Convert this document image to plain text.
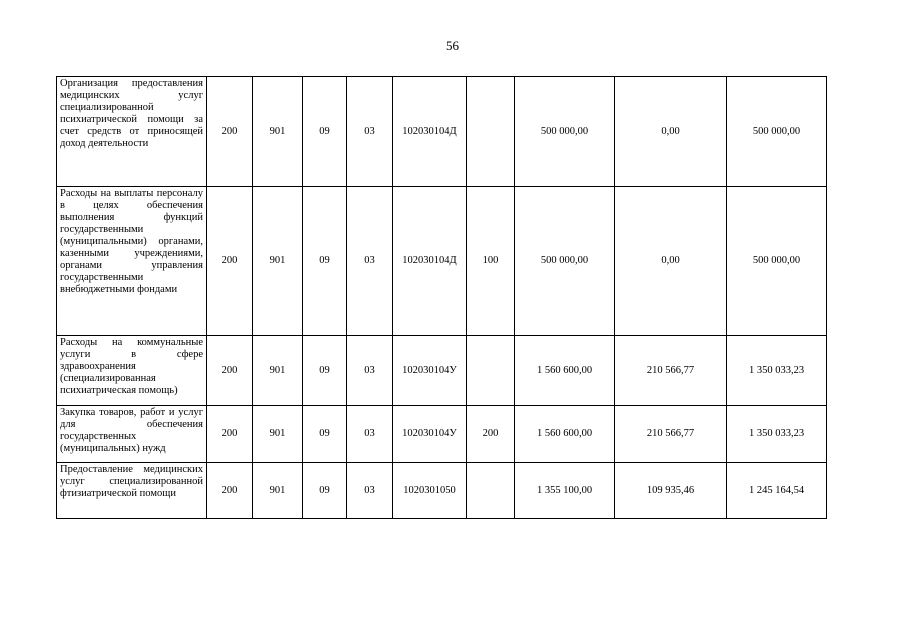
56
Организация предоставления медицинских услуг специализированной психиатрической помощи за счет средств от приносящей доход деятельности	200	901	09	03	102030104Д		500 000,00	0,00	500 000,00
Расходы на выплаты персоналу в целях обеспечения выполнения функций государственными (муниципальными) органами, казенными учреждениями, органами управления государственными внебюджетными фондами	200	901	09	03	102030104Д	100	500 000,00	0,00	500 000,00
Расходы на коммунальные услуги в сфере здравоохранения (специализированная психиатрическая помощь)	200	901	09	03	102030104У		1 560 600,00	210 566,77	1 350 033,23
Закупка товаров, работ и услуг для обеспечения государственных (муниципальных) нужд	200	901	09	03	102030104У	200	1 560 600,00	210 566,77	1 350 033,23
Предоставление медицинских услуг специализированной фтизиатрической помощи	200	901	09	03	1020301050		1 355 100,00	109 935,46	1 245 164,54
